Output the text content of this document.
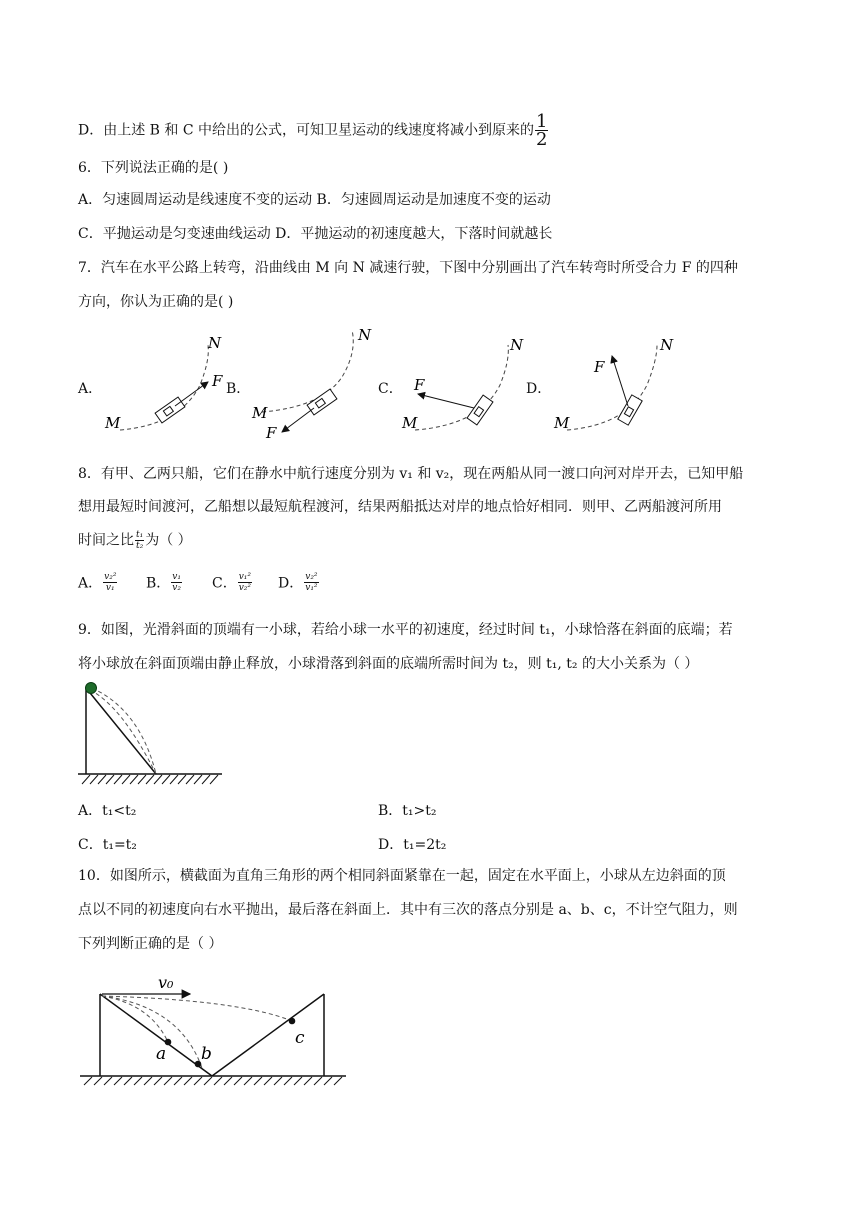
D．由上述 B 和 C 中给出的公式，可知卫星运动的线速度将减小到原来的 $\frac{1}{2}$
6．下列说法正确的是( )
A．匀速圆周运动是线速度不变的运动 B．匀速圆周运动是加速度不变的运动
C．平抛运动是匀变速曲线运动 D．平抛运动的初速度越大，下落时间就越长
7．汽车在水平公路上转弯，沿曲线由 M 向 N 减速行驶，下图中分别画出了汽车转弯时所受合力 F 的四种
方向，你认为正确的是( )
A．	B．	C．	D．
M
N
F
M
N
F
M
N
F
M
N
F
8．有甲、乙两只船，它们在静水中航行速度分别为 v₁ 和 v₂，现在两船从同一渡口向河对岸开去，已知甲船
想用最短时间渡河，乙船想以最短航程渡河，结果两船抵达对岸的地点恰好相同．则甲、乙两船渡河所用
时间之比 $\frac{\text{t₁}}{\text{t₂}}$ 为（ ）
A． $\frac{\text{v₂²}}{\text{v₁}}$ B． $\frac{\text{v₁}}{\text{v₂}}$ C． $\frac{\text{v₁²}}{\text{v₂²}}$ D． $\frac{\text{v₂²}}{\text{v₁²}}$
9．如图，光滑斜面的顶端有一小球，若给小球一水平的初速度，经过时间 t₁，小球恰落在斜面的底端；若
将小球放在斜面顶端由静止释放，小球滑落到斜面的底端所需时间为 t₂，则 t₁, t₂ 的大小关系为（ ）
A．t₁<t₂	B．t₁>t₂
C．t₁=t₂	D．t₁=2t₂
10．如图所示，横截面为直角三角形的两个相同斜面紧靠在一起，固定在水平面上，小球从左边斜面的顶
点以不同的初速度向右水平抛出，最后落在斜面上．其中有三次的落点分别是 a、b、c，不计空气阻力，则
下列判断正确的是（ ）
v₀
a b
c
